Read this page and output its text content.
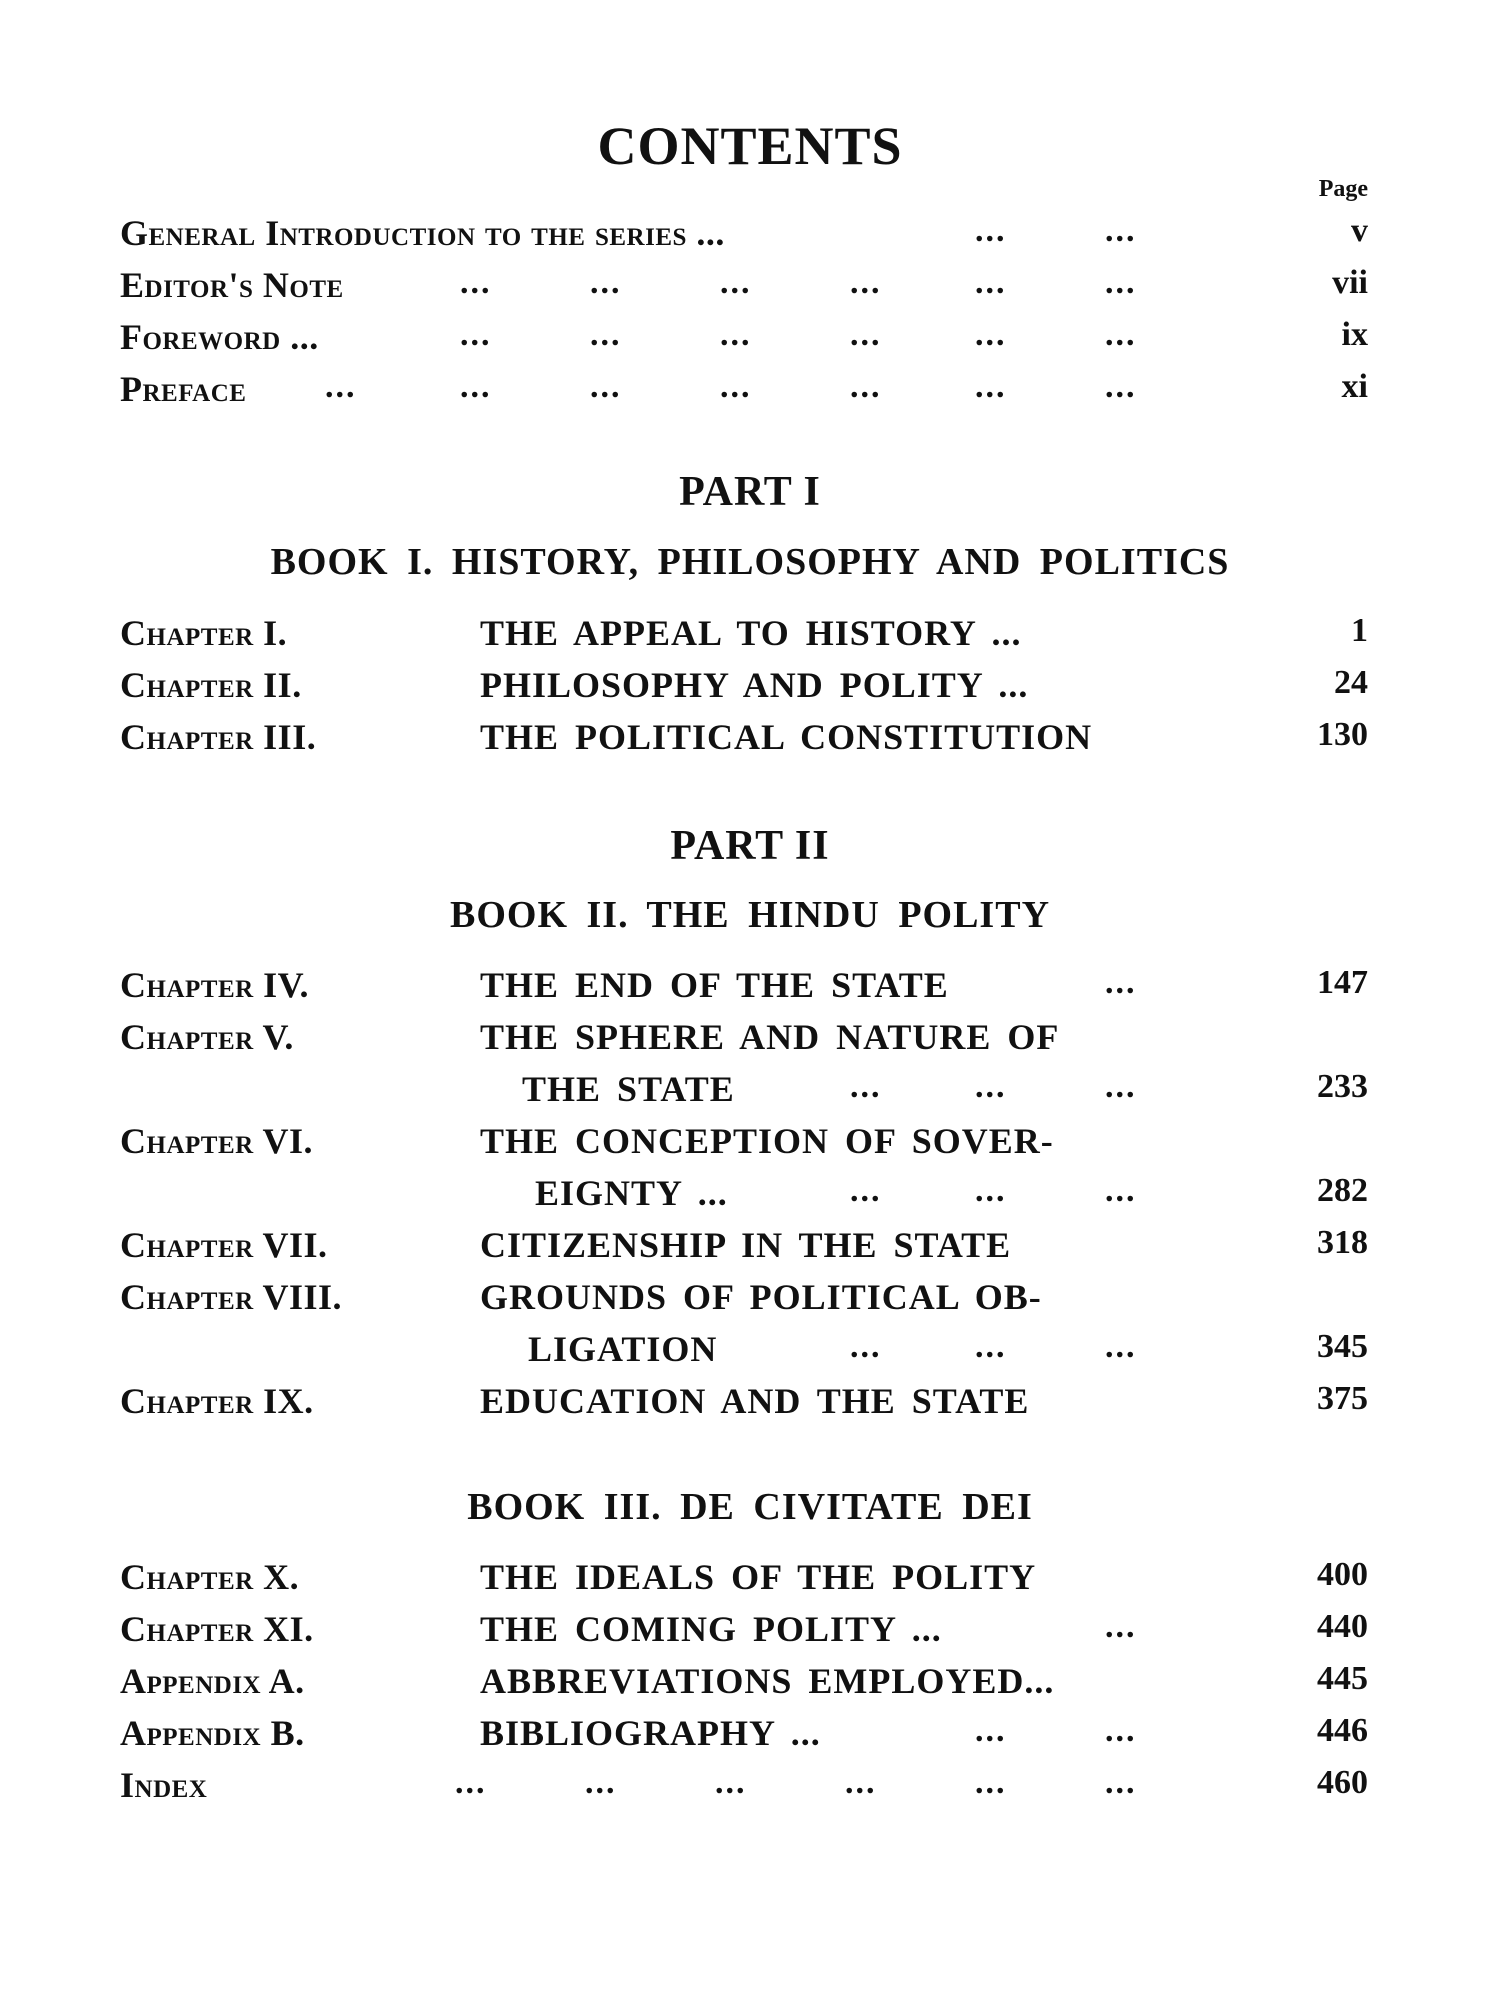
CONTENTS
Page
General Introduction to the series ...	...	...	v
Editor's Note	...	...	...	...	...	...	vii
Foreword ...	...	...	...	...	...	...	ix
Preface ...	...	...	...	...	...	...	xi
PART I
BOOK I. HISTORY, PHILOSOPHY AND POLITICS
Chapter I.	THE APPEAL TO HISTORY ...	1
Chapter II.	PHILOSOPHY AND POLITY ...	24
Chapter III.	THE POLITICAL CONSTITUTION	130
PART II
BOOK II. THE HINDU POLITY
Chapter IV.	THE END OF THE STATE	...	147
Chapter V.	THE SPHERE AND NATURE OF
THE STATE	...	...	...	233
Chapter VI.	THE CONCEPTION OF SOVER-
EIGNTY ...	...	...	...	282
Chapter VII.	CITIZENSHIP IN THE STATE	318
Chapter VIII.	GROUNDS OF POLITICAL OB-
LIGATION	...	...	...	345
Chapter IX.	EDUCATION AND THE STATE	375
BOOK III. DE CIVITATE DEI
Chapter X.	THE IDEALS OF THE POLITY	400
Chapter XI.	THE COMING POLITY ...	...	440
Appendix A.	ABBREVIATIONS EMPLOYED...	445
Appendix B.	BIBLIOGRAPHY ...	...	...	446
Index	...	...	...	...	...	...	460
